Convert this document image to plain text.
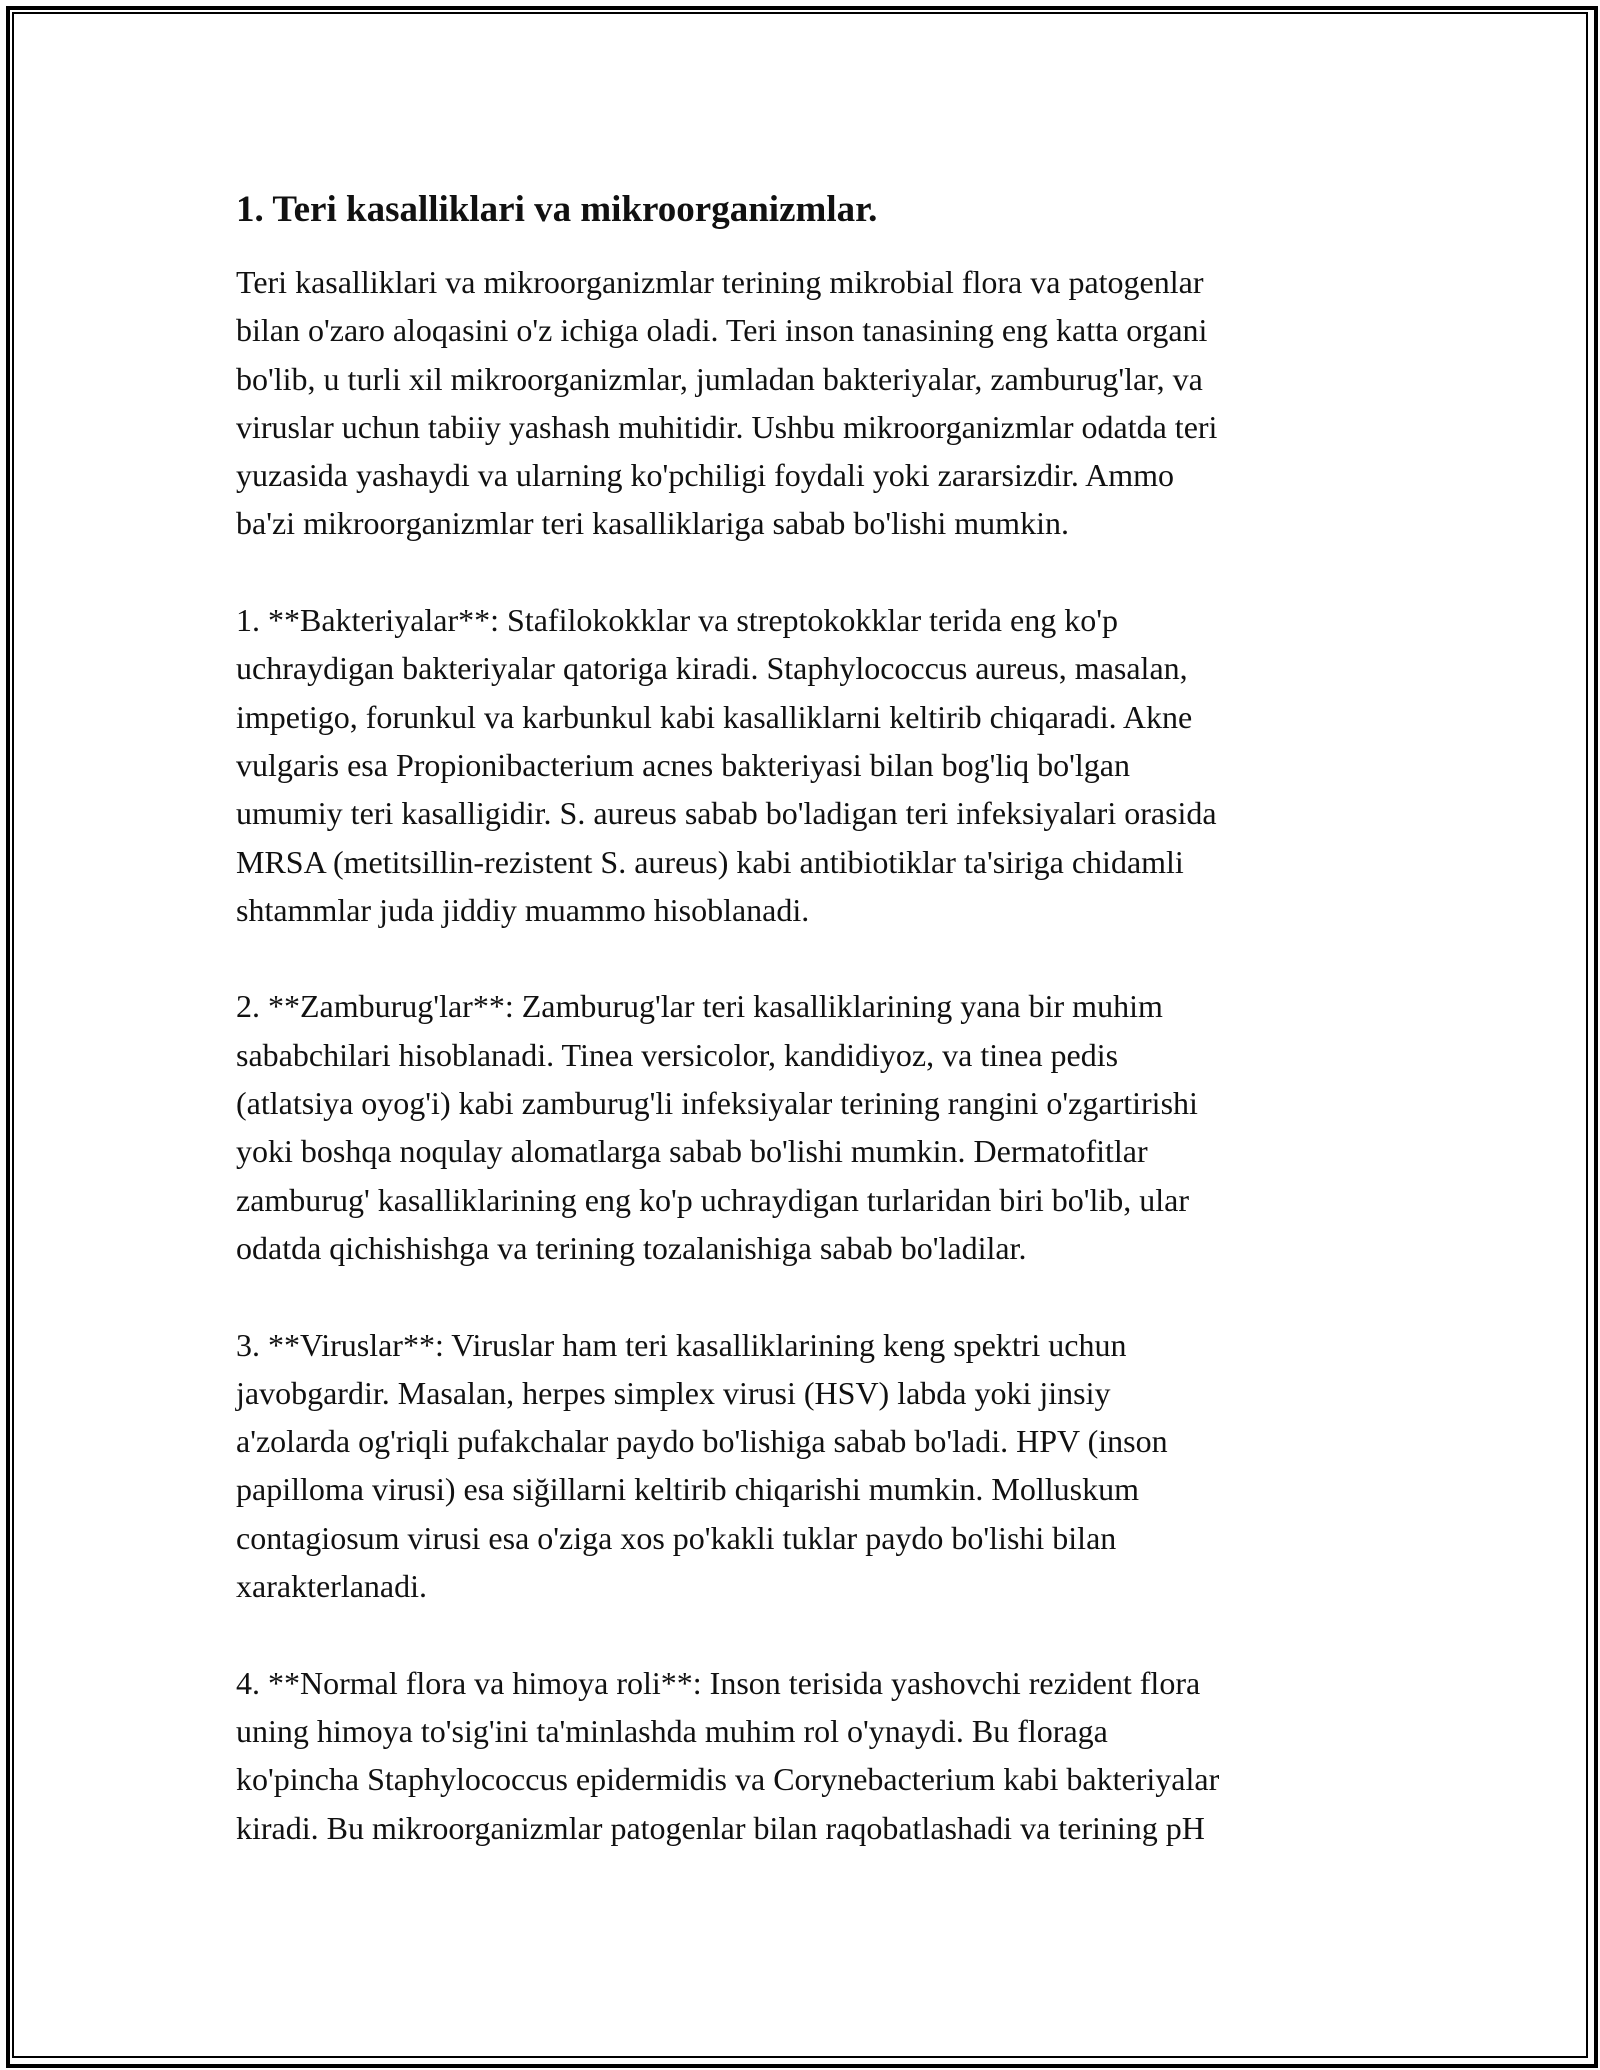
1. Teri kasalliklari va mikroorganizmlar.

Teri kasalliklari va mikroorganizmlar terining mikrobial flora va patogenlar
bilan o'zaro aloqasini o'z ichiga oladi. Teri inson tanasining eng katta organi
bo'lib, u turli xil mikroorganizmlar, jumladan bakteriyalar, zamburug'lar, va
viruslar uchun tabiiy yashash muhitidir. Ushbu mikroorganizmlar odatda teri
yuzasida yashaydi va ularning ko'pchiligi foydali yoki zararsizdir. Ammo
ba'zi mikroorganizmlar teri kasalliklariga sabab bo'lishi mumkin.

1. **Bakteriyalar**: Stafilokokklar va streptokokklar terida eng ko'p
uchraydigan bakteriyalar qatoriga kiradi. Staphylococcus aureus, masalan,
impetigo, forunkul va karbunkul kabi kasalliklarni keltirib chiqaradi. Akne
vulgaris esa Propionibacterium acnes bakteriyasi bilan bog'liq bo'lgan
umumiy teri kasalligidir. S. aureus sabab bo'ladigan teri infeksiyalari orasida
MRSA (metitsillin-rezistent S. aureus) kabi antibiotiklar ta'siriga chidamli
shtammlar juda jiddiy muammo hisoblanadi.

2. **Zamburug'lar**: Zamburug'lar teri kasalliklarining yana bir muhim
sababchilari hisoblanadi. Tinea versicolor, kandidiyoz, va tinea pedis
(atlatsiya oyog'i) kabi zamburug'li infeksiyalar terining rangini o'zgartirishi
yoki boshqa noqulay alomatlarga sabab bo'lishi mumkin. Dermatofitlar
zamburug' kasalliklarining eng ko'p uchraydigan turlaridan biri bo'lib, ular
odatda qichishishga va terining tozalanishiga sabab bo'ladilar.

3. **Viruslar**: Viruslar ham teri kasalliklarining keng spektri uchun
javobgardir. Masalan, herpes simplex virusi (HSV) labda yoki jinsiy
a'zolarda og'riqli pufakchalar paydo bo'lishiga sabab bo'ladi. HPV (inson
papilloma virusi) esa siğillarni keltirib chiqarishi mumkin. Molluskum
contagiosum virusi esa o'ziga xos po'kakli tuklar paydo bo'lishi bilan
xarakterlanadi.

4. **Normal flora va himoya roli**: Inson terisida yashovchi rezident flora
uning himoya to'sig'ini ta'minlashda muhim rol o'ynaydi. Bu floraga
ko'pincha Staphylococcus epidermidis va Corynebacterium kabi bakteriyalar
kiradi. Bu mikroorganizmlar patogenlar bilan raqobatlashadi va terining pH
